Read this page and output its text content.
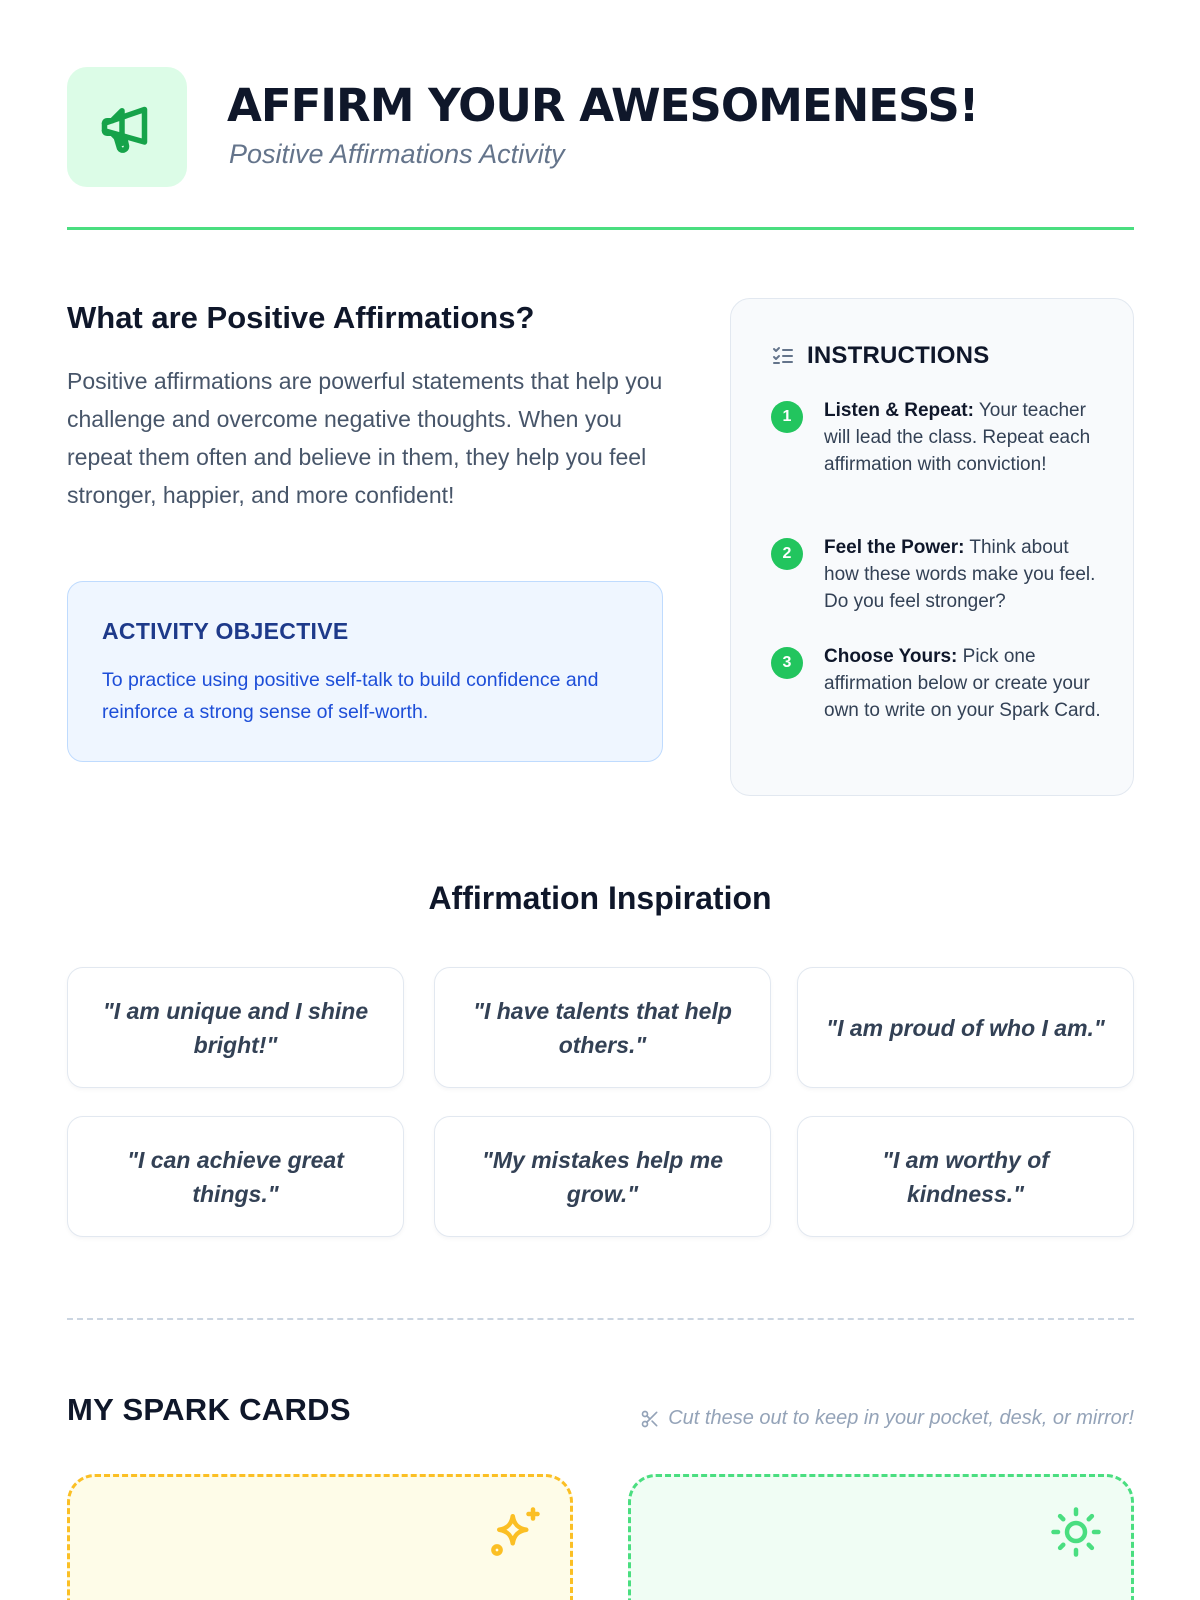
AFFIRM YOUR AWESOMENESS!
Positive Affirmations Activity
What are Positive Affirmations?
Positive affirmations are powerful statements that help you challenge and overcome negative thoughts. When you repeat them often and believe in them, they help you feel stronger, happier, and more confident!
ACTIVITY OBJECTIVE
To practice using positive self-talk to build confidence and reinforce a strong sense of self-worth.
INSTRUCTIONS
1	Listen & Repeat: Your teacher will lead the class. Repeat each affirmation with conviction!
2	Feel the Power: Think about how these words make you feel. Do you feel stronger?
3	Choose Yours: Pick one affirmation below or create your own to write on your Spark Card.
Affirmation Inspiration
"I am unique and I shine bright!"
"I have talents that help others."
"I am proud of who I am."
"I can achieve great things."
"My mistakes help me grow."
"I am worthy of kindness."
MY SPARK CARDS	Cut these out to keep in your pocket, desk, or mirror!
